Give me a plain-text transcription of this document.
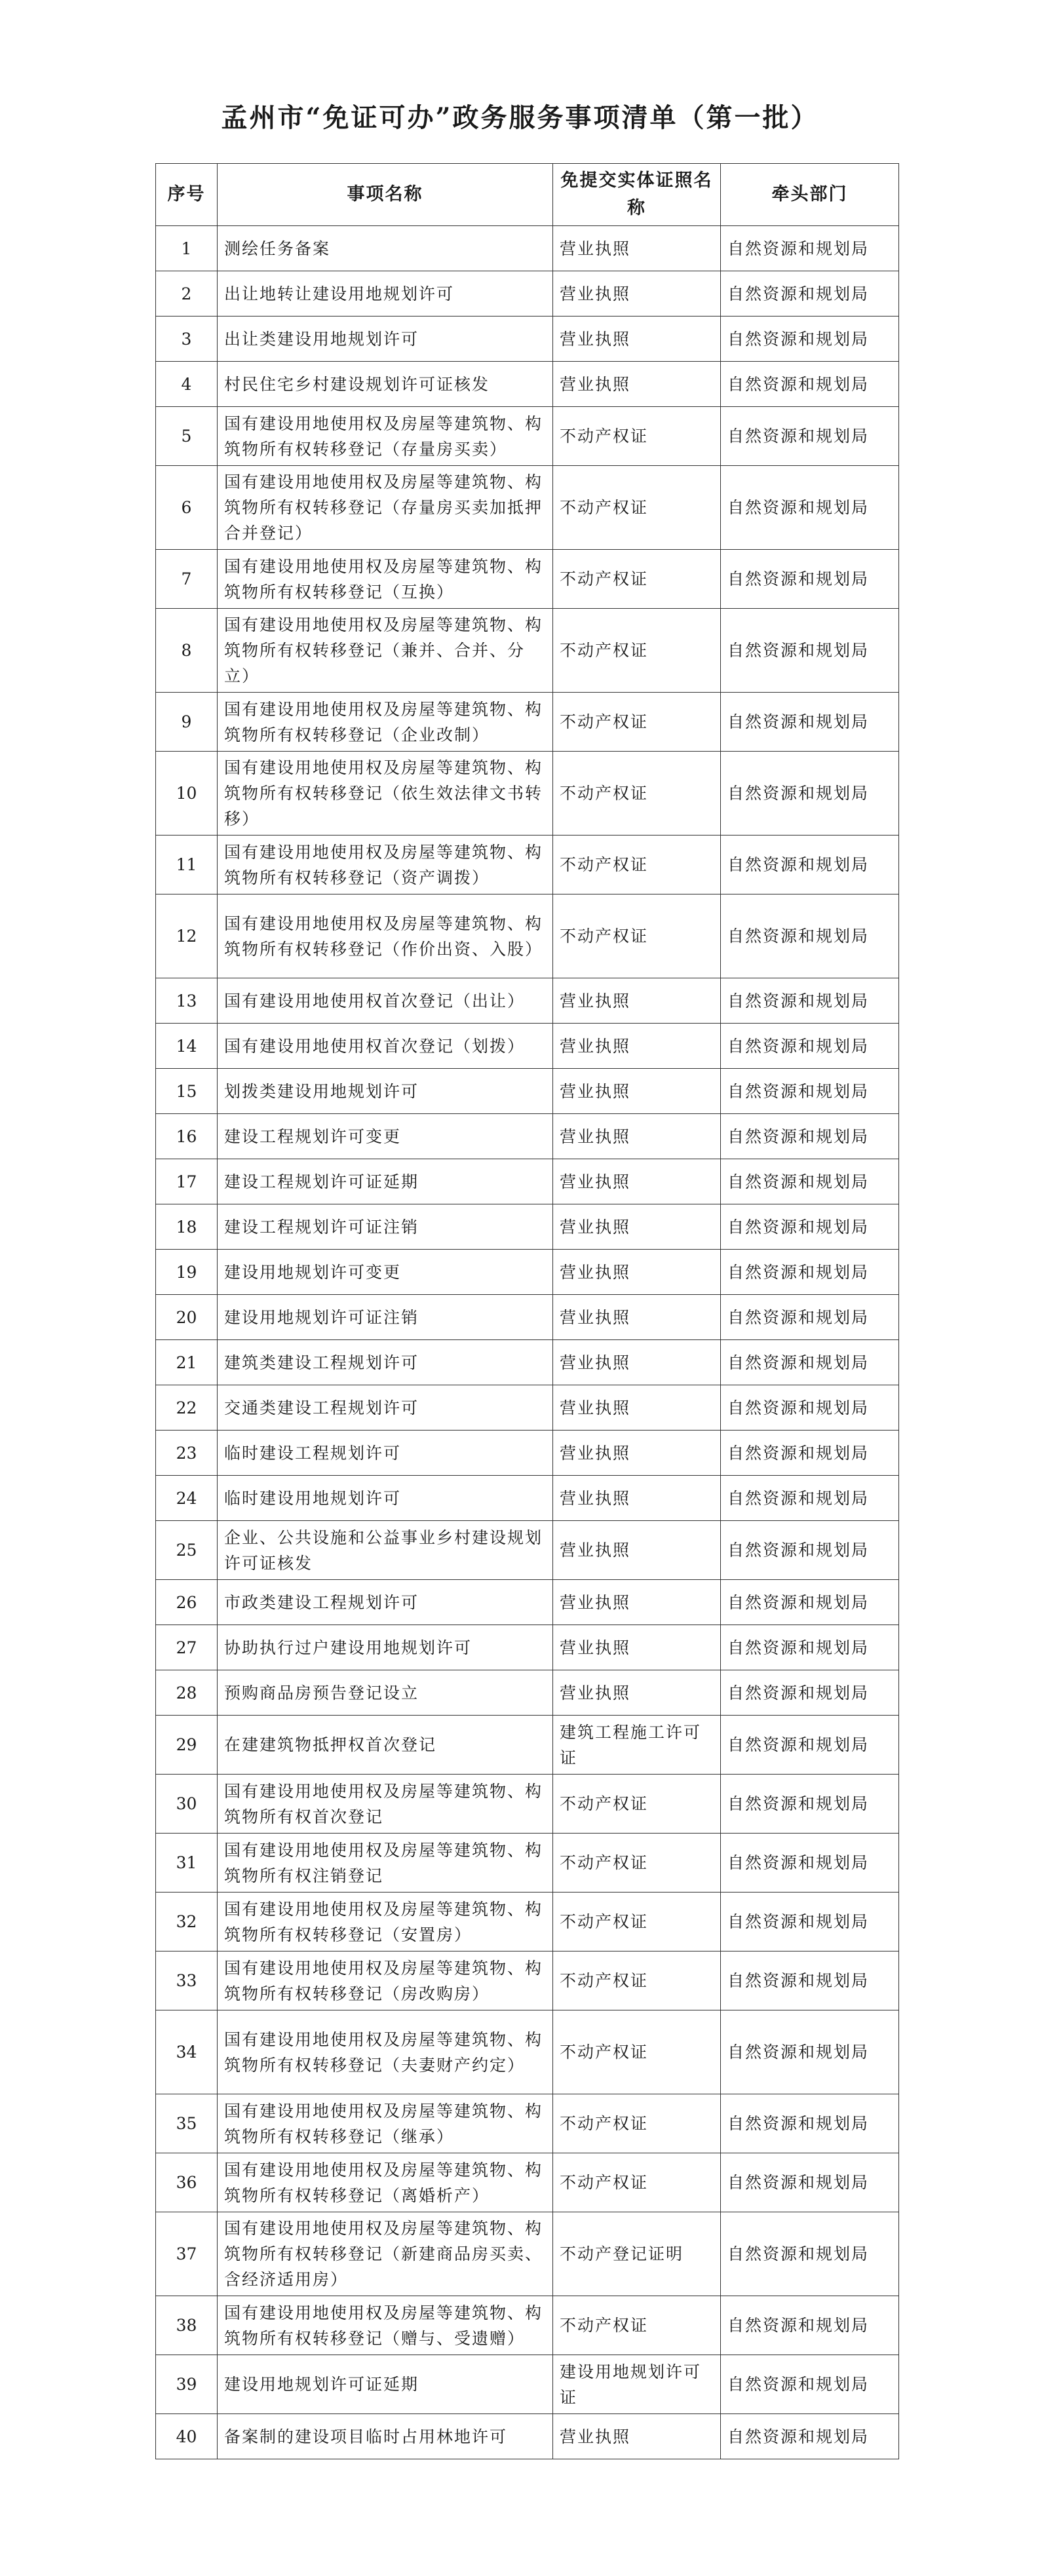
孟州市“免证可办”政务服务事项清单（第一批）
序号	事项名称	免提交实体证照名称	牵头部门
1	测绘任务备案	营业执照	自然资源和规划局
2	出让地转让建设用地规划许可	营业执照	自然资源和规划局
3	出让类建设用地规划许可	营业执照	自然资源和规划局
4	村民住宅乡村建设规划许可证核发	营业执照	自然资源和规划局
5	国有建设用地使用权及房屋等建筑物、构筑物所有权转移登记（存量房买卖）	不动产权证	自然资源和规划局
6	国有建设用地使用权及房屋等建筑物、构筑物所有权转移登记（存量房买卖加抵押合并登记）	不动产权证	自然资源和规划局
7	国有建设用地使用权及房屋等建筑物、构筑物所有权转移登记（互换）	不动产权证	自然资源和规划局
8	国有建设用地使用权及房屋等建筑物、构筑物所有权转移登记（兼并、合并、分立）	不动产权证	自然资源和规划局
9	国有建设用地使用权及房屋等建筑物、构筑物所有权转移登记（企业改制）	不动产权证	自然资源和规划局
10	国有建设用地使用权及房屋等建筑物、构筑物所有权转移登记（依生效法律文书转移）	不动产权证	自然资源和规划局
11	国有建设用地使用权及房屋等建筑物、构筑物所有权转移登记（资产调拨）	不动产权证	自然资源和规划局
12	国有建设用地使用权及房屋等建筑物、构筑物所有权转移登记（作价出资、入股）	不动产权证	自然资源和规划局
13	国有建设用地使用权首次登记（出让）	营业执照	自然资源和规划局
14	国有建设用地使用权首次登记（划拨）	营业执照	自然资源和规划局
15	划拨类建设用地规划许可	营业执照	自然资源和规划局
16	建设工程规划许可变更	营业执照	自然资源和规划局
17	建设工程规划许可证延期	营业执照	自然资源和规划局
18	建设工程规划许可证注销	营业执照	自然资源和规划局
19	建设用地规划许可变更	营业执照	自然资源和规划局
20	建设用地规划许可证注销	营业执照	自然资源和规划局
21	建筑类建设工程规划许可	营业执照	自然资源和规划局
22	交通类建设工程规划许可	营业执照	自然资源和规划局
23	临时建设工程规划许可	营业执照	自然资源和规划局
24	临时建设用地规划许可	营业执照	自然资源和规划局
25	企业、公共设施和公益事业乡村建设规划许可证核发	营业执照	自然资源和规划局
26	市政类建设工程规划许可	营业执照	自然资源和规划局
27	协助执行过户建设用地规划许可	营业执照	自然资源和规划局
28	预购商品房预告登记设立	营业执照	自然资源和规划局
29	在建建筑物抵押权首次登记	建筑工程施工许可证	自然资源和规划局
30	国有建设用地使用权及房屋等建筑物、构筑物所有权首次登记	不动产权证	自然资源和规划局
31	国有建设用地使用权及房屋等建筑物、构筑物所有权注销登记	不动产权证	自然资源和规划局
32	国有建设用地使用权及房屋等建筑物、构筑物所有权转移登记（安置房）	不动产权证	自然资源和规划局
33	国有建设用地使用权及房屋等建筑物、构筑物所有权转移登记（房改购房）	不动产权证	自然资源和规划局
34	国有建设用地使用权及房屋等建筑物、构筑物所有权转移登记（夫妻财产约定）	不动产权证	自然资源和规划局
35	国有建设用地使用权及房屋等建筑物、构筑物所有权转移登记（继承）	不动产权证	自然资源和规划局
36	国有建设用地使用权及房屋等建筑物、构筑物所有权转移登记（离婚析产）	不动产权证	自然资源和规划局
37	国有建设用地使用权及房屋等建筑物、构筑物所有权转移登记（新建商品房买卖、含经济适用房）	不动产登记证明	自然资源和规划局
38	国有建设用地使用权及房屋等建筑物、构筑物所有权转移登记（赠与、受遗赠）	不动产权证	自然资源和规划局
39	建设用地规划许可证延期	建设用地规划许可证	自然资源和规划局
40	备案制的建设项目临时占用林地许可	营业执照	自然资源和规划局
